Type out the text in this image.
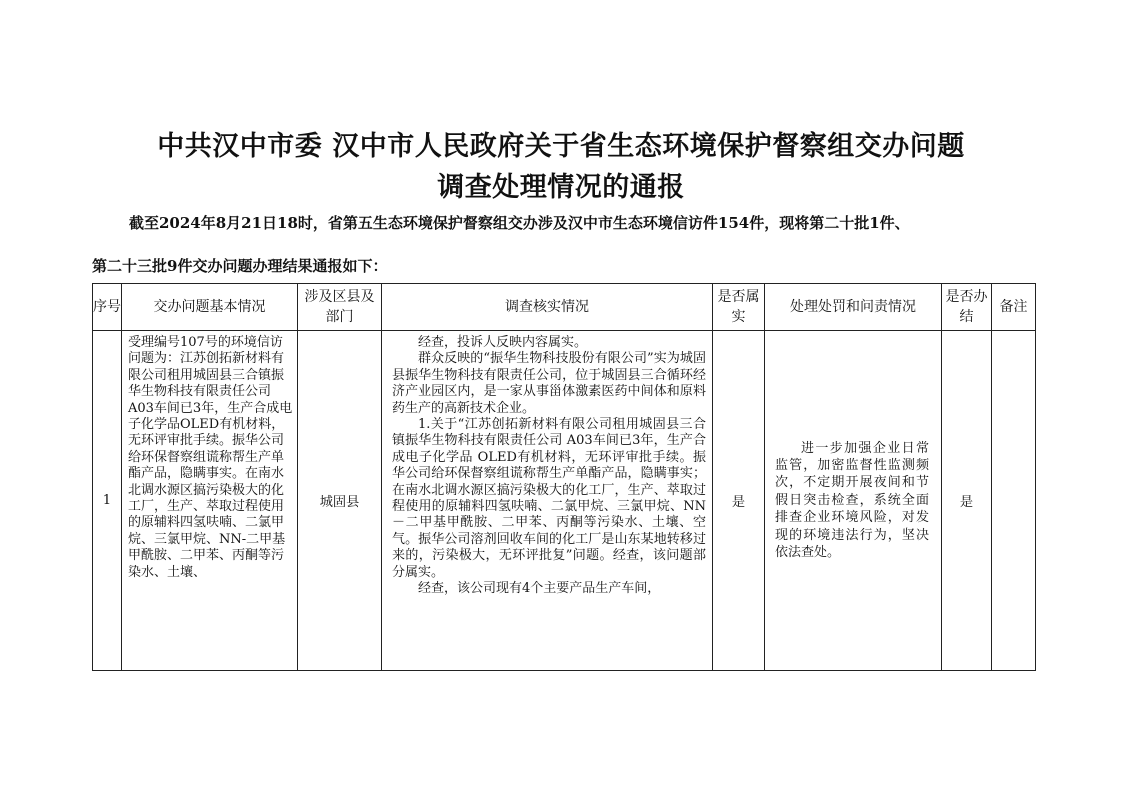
中共汉中市委 汉中市人民政府关于省生态环境保护督察组交办问题
调查处理情况的通报
截至2024年8月21日18时，省第五生态环境保护督察组交办涉及汉中市生态环境信访件154件，现将第二十批1件、
第二十三批9件交办问题办理结果通报如下：
序号	交办问题基本情况	涉及区县及部门	调查核实情况	是否属实	处理处罚和问责情况	是否办结	备注
1	受理编号107号的环境信访问题为：江苏创拓新材料有限公司租用城固县三合镇振华生物科技有限责任公司A03车间已3年，生产合成电子化学品OLED有机材料，无环评审批手续。振华公司给环保督察组谎称帮生产单酯产品，隐瞒事实。在南水北调水源区搞污染极大的化工厂，生产、萃取过程使用的原辅料四氢呋喃、二氯甲烷、三氯甲烷、NN-二甲基甲酰胺、二甲苯、丙酮等污染水、土壤、	城固县	经查，投诉人反映内容属实。

群众反映的“振华生物科技股份有限公司”实为城固县振华生物科技有限责任公司，位于城固县三合循环经济产业园区内，是一家从事甾体激素医药中间体和原料药生产的高新技术企业。

1.关于“江苏创拓新材料有限公司租用城固县三合镇振华生物科技有限责任公司 A03车间已3年，生产合成电子化学品 OLED有机材料，无环评审批手续。振华公司给环保督察组谎称帮生产单酯产品，隐瞒事实；在南水北调水源区搞污染极大的化工厂，生产、萃取过程使用的原辅料四氢呋喃、二氯甲烷、三氯甲烷、NN－二甲基甲酰胺、二甲苯、丙酮等污染水、土壤、空气。振华公司溶剂回收车间的化工厂是山东某地转移过来的，污染极大，无环评批复”问题。经查，该问题部分属实。

经查，该公司现有4个主要产品生产车间，	是	进一步加强企业日常监管，加密监督性监测频次，不定期开展夜间和节假日突击检查，系统全面排查企业环境风险，对发现的环境违法行为，坚决依法查处。	是	
